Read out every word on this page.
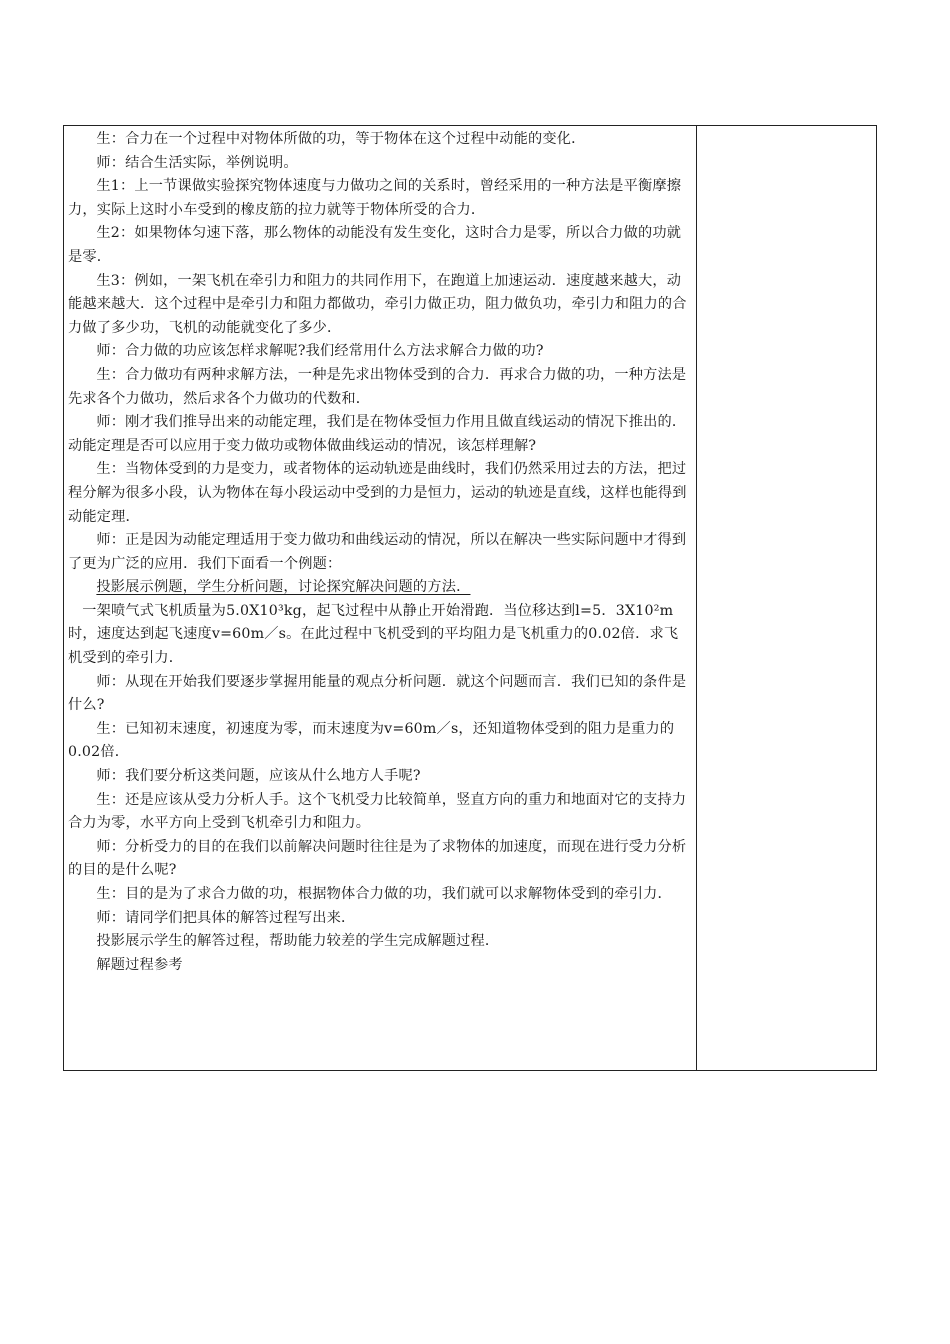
生：合力在一个过程中对物体所做的功，等于物体在这个过程中动能的变化．

师：结合生活实际，举例说明。

生1：上一节课做实验探究物体速度与力做功之间的关系时，曾经采用的一种方法是平衡摩擦力，实际上这时小车受到的橡皮筋的拉力就等于物体所受的合力．

生2：如果物体匀速下落，那么物体的动能没有发生变化，这时合力是零，所以合力做的功就是零．

生3：例如，一架飞机在牵引力和阻力的共同作用下，在跑道上加速运动．速度越来越大，动能越来越大．这个过程中是牵引力和阻力都做功，牵引力做正功，阻力做负功，牵引力和阻力的合力做了多少功，飞机的动能就变化了多少．

师：合力做的功应该怎样求解呢?我们经常用什么方法求解合力做的功?

生：合力做功有两种求解方法，一种是先求出物体受到的合力．再求合力做的功，一种方法是先求各个力做功，然后求各个力做功的代数和．

师：刚才我们推导出来的动能定理，我们是在物体受恒力作用且做直线运动的情况下推出的．动能定理是否可以应用于变力做功或物体做曲线运动的情况，该怎样理解?

生：当物体受到的力是变力，或者物体的运动轨迹是曲线时，我们仍然采用过去的方法，把过程分解为很多小段，认为物体在每小段运动中受到的力是恒力，运动的轨迹是直线，这样也能得到动能定理．

师：正是因为动能定理适用于变力做功和曲线运动的情况，所以在解决一些实际问题中才得到了更为广泛的应用．我们下面看一个例题：

投影展示例题，学生分析问题，讨论探究解决问题的方法．

一架喷气式飞机质量为5.0X10³kg，起飞过程中从静止开始滑跑．当位移达到l=5．3X10²m时，速度达到起飞速度v=60m／s。在此过程中飞机受到的平均阻力是飞机重力的0.02倍．求飞机受到的牵引力．

师：从现在开始我们要逐步掌握用能量的观点分析问题．就这个问题而言．我们已知的条件是什么?

生：已知初末速度，初速度为零，而末速度为v=60m／s，还知道物体受到的阻力是重力的0.02倍．

师：我们要分析这类问题，应该从什么地方人手呢?

生：还是应该从受力分析人手。这个飞机受力比较简单，竖直方向的重力和地面对它的支持力合力为零，水平方向上受到飞机牵引力和阻力。

师：分析受力的目的在我们以前解决问题时往往是为了求物体的加速度，而现在进行受力分析的目的是什么呢?

生：目的是为了求合力做的功，根据物体合力做的功，我们就可以求解物体受到的牵引力．

师：请同学们把具体的解答过程写出来．

投影展示学生的解答过程，帮助能力较差的学生完成解题过程．

解题过程参考
